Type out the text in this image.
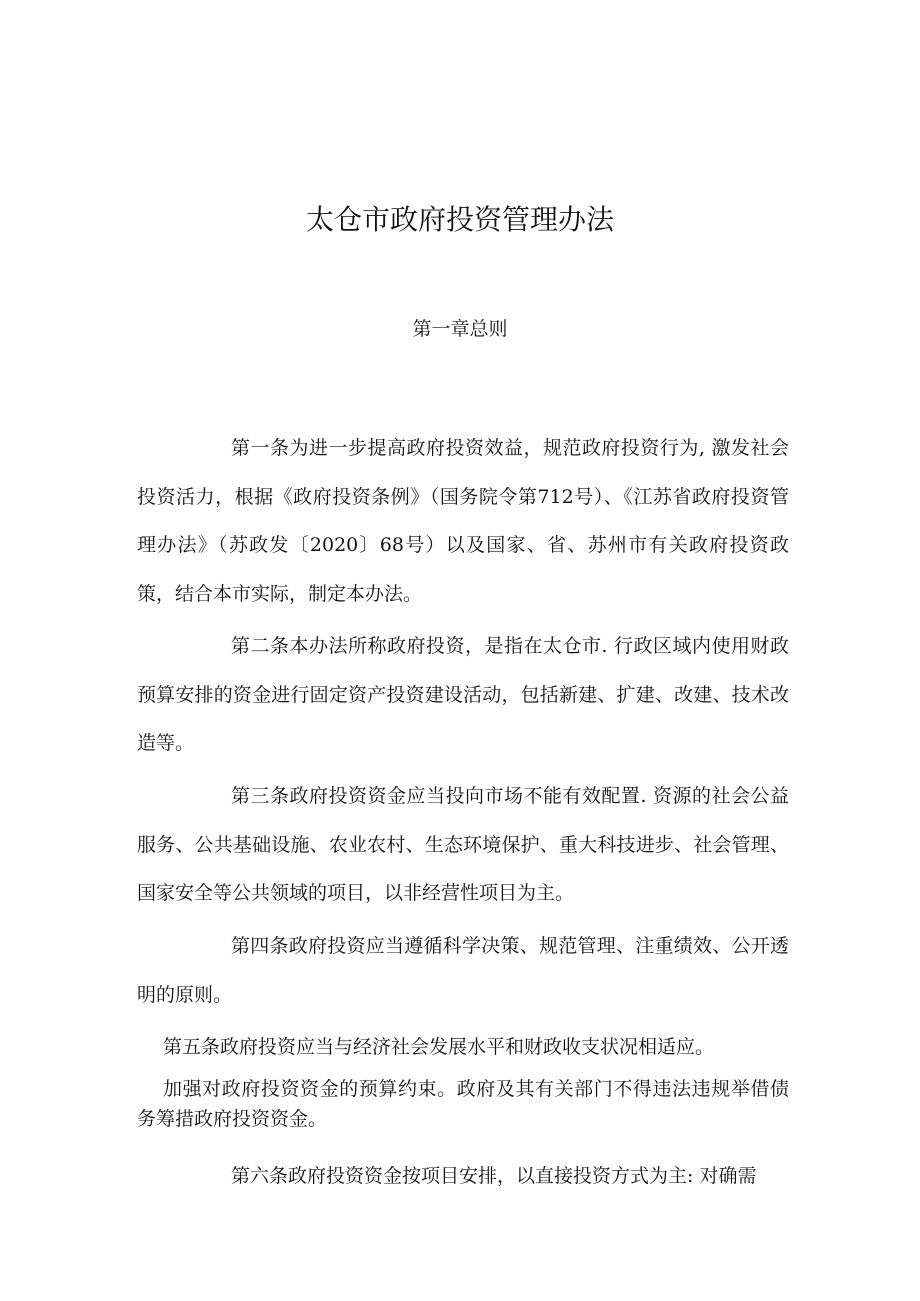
太仓市政府投资管理办法
第一章总则

第一条为进一步提高政府投资效益，规范政府投资行为, 激发社会投资活力，根据《政府投资条例》（国务院令第712号）、《江苏省政府投资管理办法》（苏政发〔2020〕68号）以及国家、省、苏州市有关政府投资政策，结合本市实际，制定本办法。

第二条本办法所称政府投资，是指在太仓市. 行政区域内使用财政预算安排的资金进行固定资产投资建设活动，包括新建、扩建、改建、技术改造等。

第三条政府投资资金应当投向市场不能有效配置. 资源的社会公益服务、公共基础设施、农业农村、生态环境保护、重大科技进步、社会管理、国家安全等公共领域的项目，以非经营性项目为主。

第四条政府投资应当遵循科学决策、规范管理、注重绩效、公开透明的原则。

第五条政府投资应当与经济社会发展水平和财政收支状况相适应。

加强对政府投资资金的预算约束。政府及其有关部门不得违法违规举借债务筹措政府投资资金。

第六条政府投资资金按项目安排，以直接投资方式为主: 对确需
